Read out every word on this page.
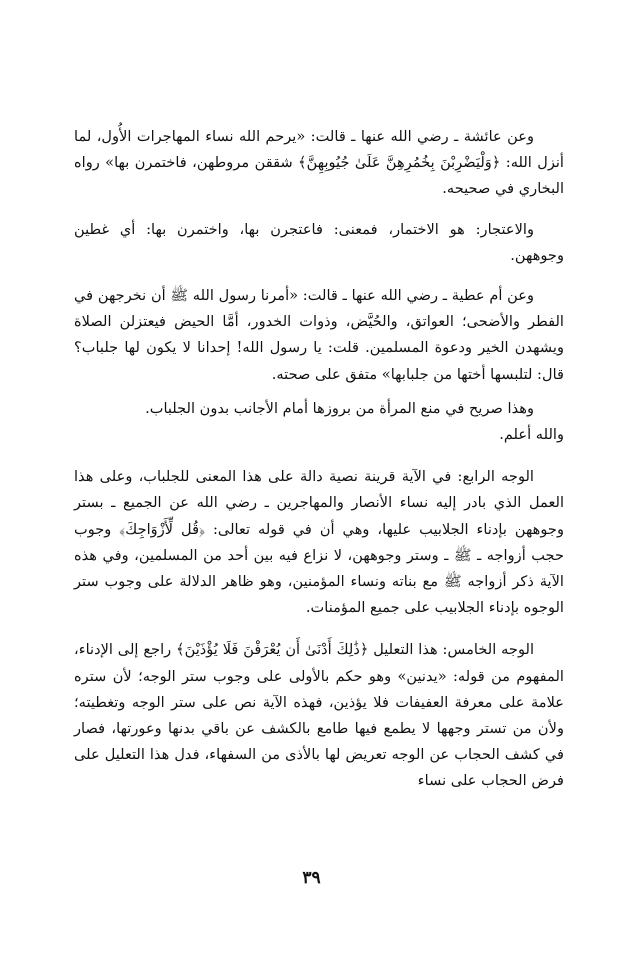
وعن عائشة ـ رضي الله عنها ـ قالت: «يرحم الله نساء المهاجرات الأُول، لما أنزل الله: ﴿وَلْيَضْرِبْنَ بِخُمُرِهِنَّ عَلَىٰ جُيُوبِهِنَّ﴾ شققن مروطهن، فاختمرن بها» رواه البخاري في صحيحه.

والاعتجار: هو الاختمار، فمعنى: فاعتجرن بها، واختمرن بها: أي غطين وجوههن.

وعن أم عطية ـ رضي الله عنها ـ قالت: «أمرنا رسول الله ﷺ أن نخرجهن في الفطر والأضحى؛ العواتق، والحُيَّض، وذوات الخدور، أمَّا الحيض فيعتزلن الصلاة ويشهدن الخير ودعوة المسلمين. قلت: يا رسول الله! إحدانا لا يكون لها جلباب؟ قال: لتلبسها أختها من جلبابها» متفق على صحته.

وهذا صريح في منع المرأة من بروزها أمام الأجانب بدون الجلباب.

والله أعلم.

الوجه الرابع: في الآية قرينة نصية دالة على هذا المعنى للجلباب، وعلى هذا العمل الذي بادر إليه نساء الأنصار والمهاجرين ـ رضي الله عن الجميع ـ بستر وجوههن بإدناء الجلابيب عليها، وهي أن في قوله تعالى: ﴿قُل لِّأَزْوَاجِكَ﴾ وجوب حجب أزواجه ـ ﷺ ـ وستر وجوههن، لا نزاع فيه بين أحد من المسلمين، وفي هذه الآية ذكر أزواجه ﷺ مع بناته ونساء المؤمنين، وهو ظاهر الدلالة على وجوب ستر الوجوه بإدناء الجلابيب على جميع المؤمنات.

الوجه الخامس: هذا التعليل ﴿ذَٰلِكَ أَدْنَىٰ أَن يُعْرَفْنَ فَلَا يُؤْذَيْنَ﴾ راجع إلى الإدناء، المفهوم من قوله: «يدنين» وهو حكم بالأولى على وجوب ستر الوجه؛ لأن ستره علامة على معرفة العفيفات فلا يؤذين، فهذه الآية نص على ستر الوجه وتغطيته؛ ولأن من تستر وجهها لا يطمع فيها طامع بالكشف عن باقي بدنها وعورتها، فصار في كشف الحجاب عن الوجه تعريض لها بالأذى من السفهاء، فدل هذا التعليل على فرض الحجاب على نساء

٣٩
